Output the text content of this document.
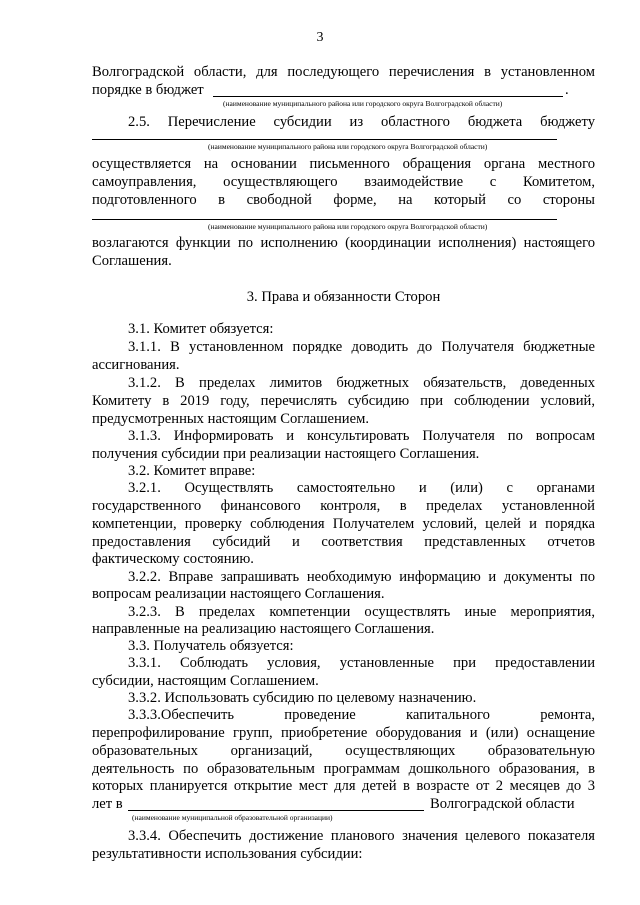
3
Волгоградской области, для последующего перечисления в установленном
порядке в бюджет	.
(наименование муниципального района или городского округа Волгоградской области)
2.5. Перечисление субсидии из областного бюджета бюджету
(наименование муниципального района или городского округа Волгоградской области)
осуществляется на основании письменного обращения органа местного
самоуправления, осуществляющего взаимодействие с Комитетом,
подготовленного в свободной форме, на который со стороны
(наименование муниципального района или городского округа Волгоградской области)
возлагаются функции по исполнению (координации исполнения) настоящего
Соглашения.
3. Права и обязанности Сторон
3.1. Комитет обязуется:
3.1.1. В установленном порядке доводить до Получателя бюджетные
ассигнования.
3.1.2. В пределах лимитов бюджетных обязательств, доведенных
Комитету в 2019 году, перечислять субсидию при соблюдении условий,
предусмотренных настоящим Соглашением.
3.1.3. Информировать и консультировать Получателя по вопросам
получения субсидии при реализации настоящего Соглашения.
3.2. Комитет вправе:
3.2.1. Осуществлять самостоятельно и (или) с органами
государственного финансового контроля, в пределах установленной
компетенции, проверку соблюдения Получателем условий, целей и порядка
предоставления субсидий и соответствия представленных отчетов
фактическому состоянию.
3.2.2. Вправе запрашивать необходимую информацию и документы по
вопросам реализации настоящего Соглашения.
3.2.3. В пределах компетенции осуществлять иные мероприятия,
направленные на реализацию настоящего Соглашения.
3.3. Получатель обязуется:
3.3.1. Соблюдать условия, установленные при предоставлении
субсидии, настоящим Соглашением.
3.3.2. Использовать субсидию по целевому назначению.
3.3.3.Обеспечить проведение капитального ремонта,
перепрофилирование групп, приобретение оборудования и (или) оснащение
образовательных организаций, осуществляющих образовательную
деятельность по образовательным программам дошкольного образования, в
которых планируется открытие мест для детей в возрасте от 2 месяцев до 3
лет в	Волгоградской области
(наименование муниципальной образовательной организации)
3.3.4. Обеспечить достижение планового значения целевого показателя
результативности использования субсидии:
